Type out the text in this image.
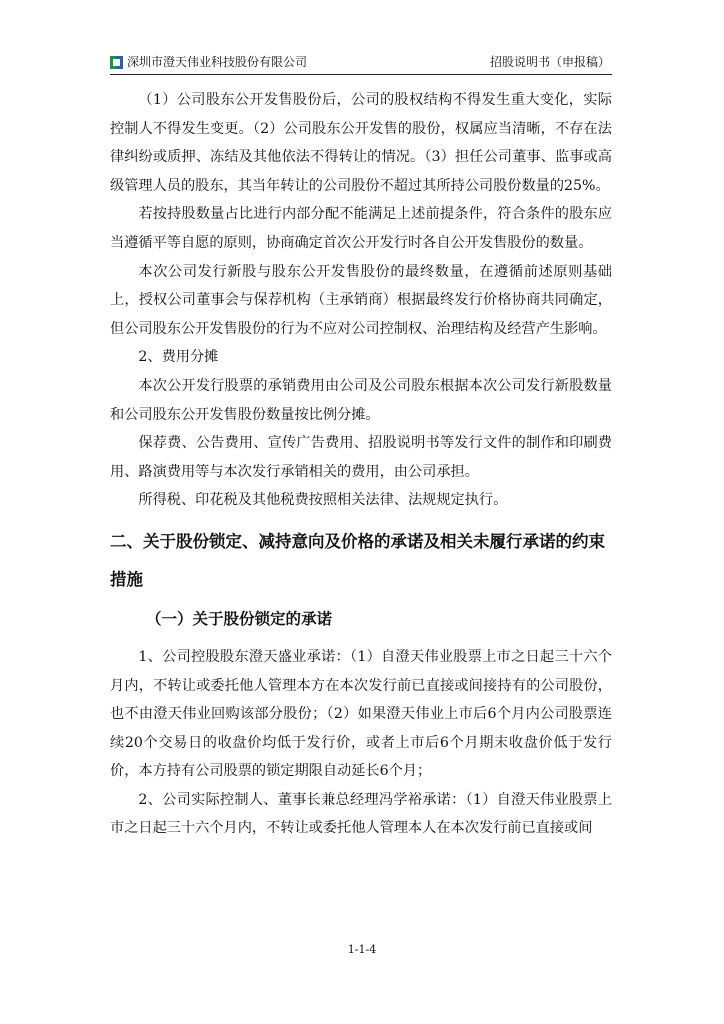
深圳市澄天伟业科技股份有限公司	招股说明书（申报稿）

（1）公司股东公开发售股份后，公司的股权结构不得发生重大变化，实际控制人不得发生变更。（2）公司股东公开发售的股份，权属应当清晰，不存在法律纠纷或质押、冻结及其他依法不得转让的情况。（3）担任公司董事、监事或高级管理人员的股东，其当年转让的公司股份不超过其所持公司股份数量的25%。

若按持股数量占比进行内部分配不能满足上述前提条件，符合条件的股东应当遵循平等自愿的原则，协商确定首次公开发行时各自公开发售股份的数量。

本次公司发行新股与股东公开发售股份的最终数量，在遵循前述原则基础上，授权公司董事会与保荐机构（主承销商）根据最终发行价格协商共同确定，但公司股东公开发售股份的行为不应对公司控制权、治理结构及经营产生影响。

2、费用分摊

本次公开发行股票的承销费用由公司及公司股东根据本次公司发行新股数量和公司股东公开发售股份数量按比例分摊。

保荐费、公告费用、宣传广告费用、招股说明书等发行文件的制作和印刷费用、路演费用等与本次发行承销相关的费用，由公司承担。

所得税、印花税及其他税费按照相关法律、法规规定执行。

二、关于股份锁定、减持意向及价格的承诺及相关未履行承诺的约束措施
（一）关于股份锁定的承诺

1、公司控股股东澄天盛业承诺：（1）自澄天伟业股票上市之日起三十六个月内，不转让或委托他人管理本方在本次发行前已直接或间接持有的公司股份，也不由澄天伟业回购该部分股份；（2）如果澄天伟业上市后6个月内公司股票连续20个交易日的收盘价均低于发行价，或者上市后6个月期末收盘价低于发行价，本方持有公司股票的锁定期限自动延长6个月；

2、公司实际控制人、董事长兼总经理冯学裕承诺：（1）自澄天伟业股票上市之日起三十六个月内，不转让或委托他人管理本人在本次发行前已直接或间

1-1-4
